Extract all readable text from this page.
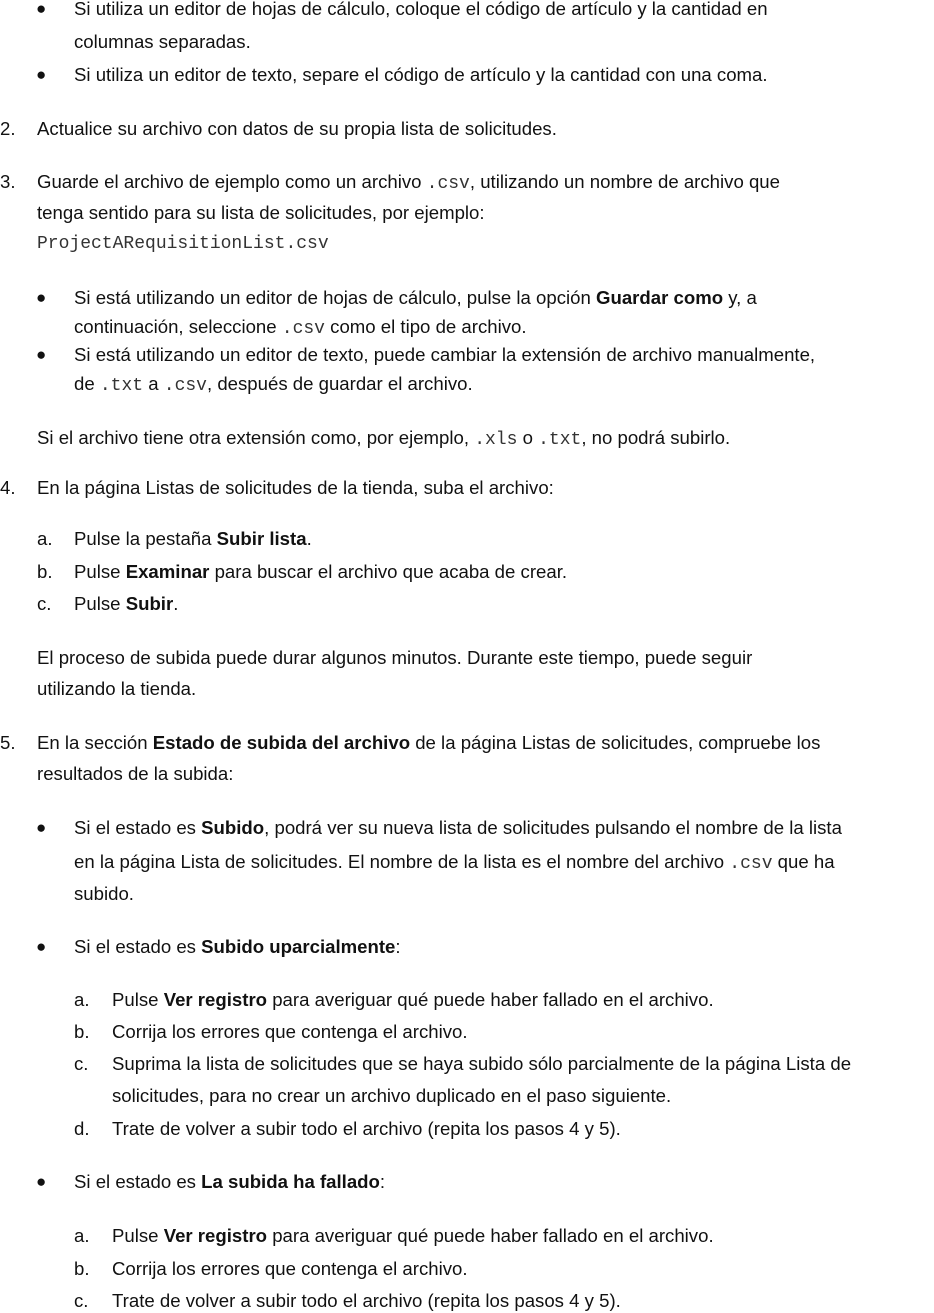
● Si utiliza un editor de hojas de cálculo, coloque el código de artículo y la cantidad en
columnas separadas.
● Si utiliza un editor de texto, separe el código de artículo y la cantidad con una coma.
2. Actualice su archivo con datos de su propia lista de solicitudes.
3. Guarde el archivo de ejemplo como un archivo .csv, utilizando un nombre de archivo que
tenga sentido para su lista de solicitudes, por ejemplo:
ProjectARequisitionList.csv
● Si está utilizando un editor de hojas de cálculo, pulse la opción Guardar como y, a
continuación, seleccione .csv como el tipo de archivo.
● Si está utilizando un editor de texto, puede cambiar la extensión de archivo manualmente,
de .txt a .csv, después de guardar el archivo.
Si el archivo tiene otra extensión como, por ejemplo, .xls o .txt, no podrá subirlo.
4. En la página Listas de solicitudes de la tienda, suba el archivo:
a. Pulse la pestaña Subir lista.
b. Pulse Examinar para buscar el archivo que acaba de crear.
c. Pulse Subir.
El proceso de subida puede durar algunos minutos. Durante este tiempo, puede seguir
utilizando la tienda.
5. En la sección Estado de subida del archivo de la página Listas de solicitudes, compruebe los
resultados de la subida:
● Si el estado es Subido, podrá ver su nueva lista de solicitudes pulsando el nombre de la lista
en la página Lista de solicitudes. El nombre de la lista es el nombre del archivo .csv que ha
subido.
● Si el estado es Subido uparcialmente:
a. Pulse Ver registro para averiguar qué puede haber fallado en el archivo.
b. Corrija los errores que contenga el archivo.
c. Suprima la lista de solicitudes que se haya subido sólo parcialmente de la página Lista de
solicitudes, para no crear un archivo duplicado en el paso siguiente.
d. Trate de volver a subir todo el archivo (repita los pasos 4 y 5).
● Si el estado es La subida ha fallado:
a. Pulse Ver registro para averiguar qué puede haber fallado en el archivo.
b. Corrija los errores que contenga el archivo.
c. Trate de volver a subir todo el archivo (repita los pasos 4 y 5).
